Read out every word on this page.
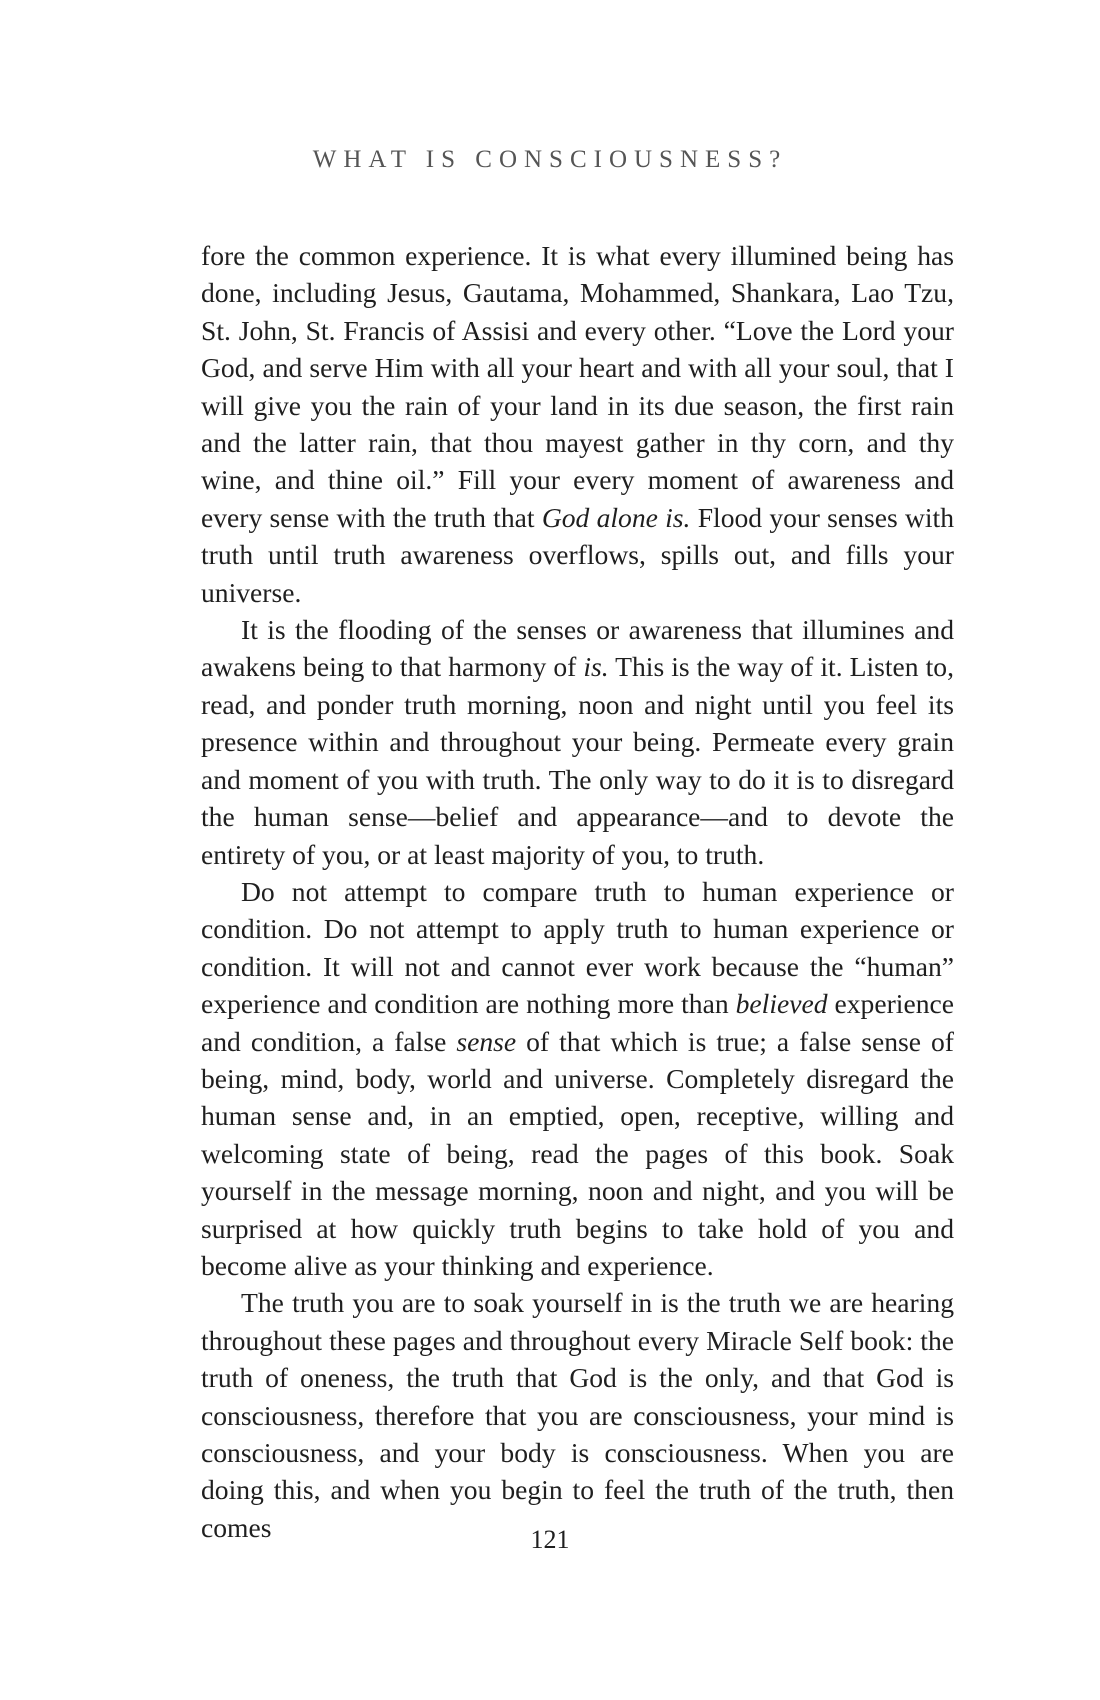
WHAT IS CONSCIOUSNESS?

fore the common experience. It is what every illumined being has done, including Jesus, Gautama, Mohammed, Shankara, Lao Tzu, St. John, St. Francis of Assisi and every other. “Love the Lord your God, and serve Him with all your heart and with all your soul, that I will give you the rain of your land in its due season, the first rain and the latter rain, that thou mayest gather in thy corn, and thy wine, and thine oil.” Fill your every moment of awareness and every sense with the truth that God alone is. Flood your senses with truth until truth awareness overflows, spills out, and fills your universe.

It is the flooding of the senses or awareness that illumines and awakens being to that harmony of is. This is the way of it. Listen to, read, and ponder truth morning, noon and night until you feel its presence within and throughout your being. Permeate every grain and moment of you with truth. The only way to do it is to disregard the human sense—belief and appearance—and to devote the entirety of you, or at least majority of you, to truth.

Do not attempt to compare truth to human experience or condition. Do not attempt to apply truth to human experience or condition. It will not and cannot ever work because the “human” experience and condition are nothing more than believed experience and condition, a false sense of that which is true; a false sense of being, mind, body, world and universe. Completely disregard the human sense and, in an emptied, open, receptive, willing and welcoming state of being, read the pages of this book. Soak yourself in the message morning, noon and night, and you will be surprised at how quickly truth begins to take hold of you and become alive as your thinking and experience.

The truth you are to soak yourself in is the truth we are hearing throughout these pages and throughout every Miracle Self book: the truth of oneness, the truth that God is the only, and that God is consciousness, therefore that you are consciousness, your mind is consciousness, and your body is consciousness. When you are doing this, and when you begin to feel the truth of the truth, then comes	121
